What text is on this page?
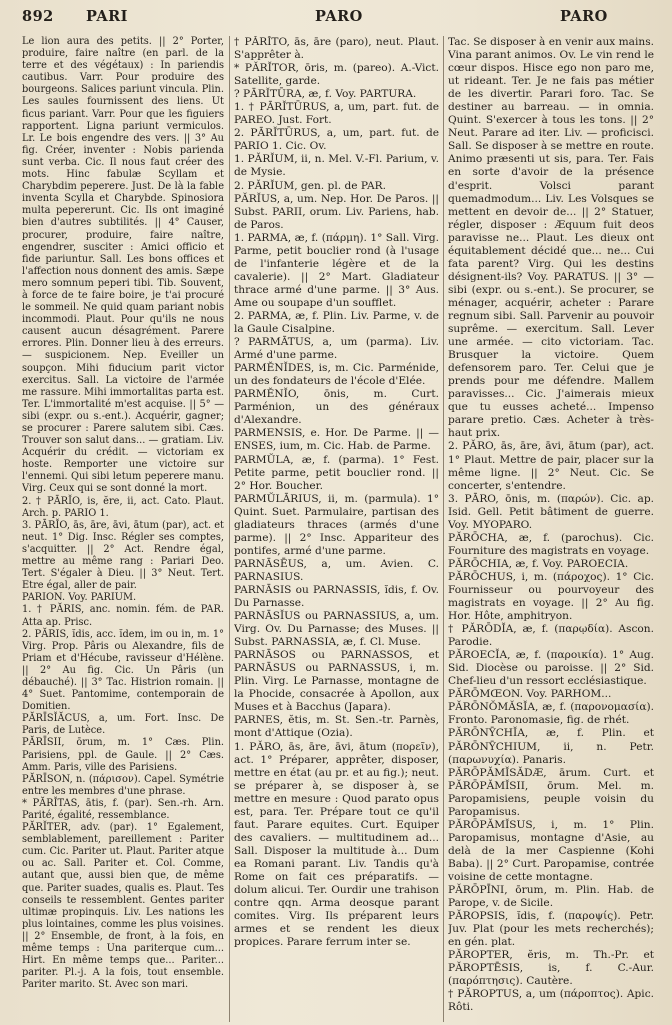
892 PARI	PARO	PARO

Le lion aura des petits. || 2° Porter, produire, faire naître (en parl. de la terre et des végétaux) : In pariendis cautibus. Varr. Pour produire des bourgeons. Salices pariunt vincula. Plin. Les saules fournissent des liens. Ut ficus pariant. Varr. Pour que les figuiers rapportent. Ligna pariunt vermiculos. Lr. Le bois engendre des vers. || 3° Au fig. Créer, inventer : Nobis parienda sunt verba. Cic. Il nous faut créer des mots. Hinc fabulæ Scyllam et Charybdim peperere. Just. De là la fable inventa Scylla et Charybde. Spinosiora multa pepererunt. Cic. Ils ont imaginé bien d'autres subtilités. || 4° Causer, procurer, produire, faire naître, engendrer, susciter : Amici officio et fide pariuntur. Sall. Les bons offices et l'affection nous donnent des amis. Sæpe mero somnum peperi tibi. Tib. Souvent, à force de te faire boire, je t'ai procuré le sommeil. Ne quid quam pariant nobis incommodi. Plaut. Pour qu'ils ne nous causent aucun désagrément. Parere errores. Plin. Donner lieu à des erreurs. — suspicionem. Nep. Eveiller un soupçon. Mihi fiducium parit victor exercitus. Sall. La victoire de l'armée me rassure. Mihi immortalitas parta est. Ter. L'immortalité m'est acquise. || 5° — sibi (expr. ou s.-ent.). Acquérir, gagner; se procurer : Parere salutem sibi. Cæs. Trouver son salut dans... — gratiam. Liv. Acquérir du crédit. — victoriam ex hoste. Remporter une victoire sur l'ennemi. Qui sibi letum peperere manu. Virg. Ceux qui se sont donné la mort.

2. † PĀRĬO, is, ĕre, ii, act. Cato. Plaut. Arch. p. PARIO 1.

3. PĀRĬO, ās, āre, āvi, ātum (par), act. et neut. 1° Dig. Insc. Régler ses comptes, s'acquitter. || 2° Act. Rendre égal, mettre au même rang : Pariari Deo. Tert. S'égaler à Dieu. || 3° Neut. Tert. Etre égal, aller de pair.

PARION. Voy. PARIUM.

1. † PĂRIS, anc. nomin. fém. de PAR. Atta ap. Prisc.

2. PĂRIS, ĭdis, acc. ĭdem, im ou in, m. 1° Virg. Prop. Pâris ou Alexandre, fils de Priam et d'Hécube, ravisseur d'Hélène. || 2° Au fig. Cic. Un Pâris (un débauché). || 3° Tac. Histrion romain. || 4° Suet. Pantomime, contemporain de Domitien.

PĂRĪSĬĂCUS, a, um. Fort. Insc. De Paris, de Lutèce.

PĂRĪSII, ōrum, m. 1° Cæs. Plin. Parisiens, ppl. de Gaule. || 2° Cæs. Amm. Paris, ville des Parisiens.

PĂRĪSON, n. (πάρισον). Capel. Symétrie entre les membres d'une phrase.

* PĂRĬTAS, ātis, f. (par). Sen.-rh. Arn. Parité, égalité, ressemblance.

PĂRĬTER, adv. (par). 1° Egalement, semblablement, pareillement : Pariter cum. Cic. Pariter ut. Plaut. Pariter atque ou ac. Sall. Pariter et. Col. Comme, autant que, aussi bien que, de même que. Pariter suades, qualis es. Plaut. Tes conseils te ressemblent. Gentes pariter ultimæ propinquis. Liv. Les nations les plus lointaines, comme les plus voisines. || 2° Ensemble, de front, à la fois, en même temps : Una pariterque cum... Hirt. En même temps que... Pariter... pariter. Pl.-j. A la fois, tout ensemble. Pariter marito. St. Avec son mari.

† PĂRĬTO, ās, āre (paro), neut. Plaut. S'apprêter à.

* PĂRĬTOR, ōris, m. (pareo). A.-Vict. Satellite, garde.

? PĀRĬTŪRA, æ, f. Voy. PARTURA.

1. † PĀRĬTŪRUS, a, um, part. fut. de PAREO. Just. Fort.

2. PĀRĬTŪRUS, a, um, part. fut. de PARIO 1. Cic. Ov.

1. PĂRĬUM, ii, n. Mel. V.-Fl. Parium, v. de Mysie.

2. PĂRĬUM, gen. pl. de PAR.

PĂRĬUS, a, um. Nep. Hor. De Paros. || Subst. PARII, orum. Liv. Pariens, hab. de Paros.

1. PARMA, æ, f. (πάρμη). 1° Sall. Virg. Parme, petit bouclier rond (à l'usage de l'infanterie légère et de la cavalerie). || 2° Mart. Gladiateur thrace armé d'une parme. || 3° Aus. Ame ou soupape d'un soufflet.

2. PARMA, æ, f. Plin. Liv. Parme, v. de la Gaule Cisalpine.

? PARMĀTUS, a, um (parma). Liv. Armé d'une parme.

PARMĔNĬDES, is, m. Cic. Parménide, un des fondateurs de l'école d'Elée.

PARMĔNĬO, ōnis, m. Curt. Parménion, un des généraux d'Alexandre.

PARMENSIS, e. Hor. De Parme. || — ENSES, ium, m. Cic. Hab. de Parme.

PARMŬLA, æ, f. (parma). 1° Fest. Petite parme, petit bouclier rond. || 2° Hor. Boucher.

PARMŬLĀRIUS, ii, m. (parmula). 1° Quint. Suet. Parmulaire, partisan des gladiateurs thraces (armés d'une parme). || 2° Insc. Appariteur des pontifes, armé d'une parme.

PARNĀSĒUS, a, um. Avien. C. PARNASIUS.

PARNĀSIS ou PARNASSIS, ĭdis, f. Ov. Du Parnasse.

PARNĀSĬUS ou PARNASSIUS, a, um. Virg. Ov. Du Parnasse; des Muses. || Subst. PARNASSIA, æ, f. Cl. Muse.

PARNĀSOS ou PARNASSOS, et PARNĀSUS ou PARNASSUS, i, m. Plin. Virg. Le Parnasse, montagne de la Phocide, consacrée à Apollon, aux Muses et à Bacchus (Japara).

PARNES, ĕtis, m. St. Sen.-tr. Parnès, mont d'Attique (Ozia).

1. PĂRO, ās, āre, āvi, ātum (πορεῖν), act. 1° Préparer, apprêter, disposer, mettre en état (au pr. et au fig.); neut. se préparer à, se disposer à, se mettre en mesure : Quod parato opus est, para. Ter. Prépare tout ce qu'il faut. Parare equites. Curt. Equiper des cavaliers. — multitudinem ad... Sall. Disposer la multitude à... Dum ea Romani parant. Liv. Tandis qu'à Rome on fait ces préparatifs. — dolum alicui. Ter. Ourdir une trahison contre qqn. Arma deosque parant comites. Virg. Ils préparent leurs armes et se rendent les dieux propices. Parare ferrum inter se.

Tac. Se disposer à en venir aux mains. Vina parant animos. Ov. Le vin rend le cœur dispos. Hisce ego non paro me, ut rideant. Ter. Je ne fais pas métier de les divertir. Parari foro. Tac. Se destiner au barreau. — in omnia. Quint. S'exercer à tous les tons. || 2° Neut. Parare ad iter. Liv. — proficisci. Sall. Se disposer à se mettre en route. Animo præsenti ut sis, para. Ter. Fais en sorte d'avoir de la présence d'esprit. Volsci parant quemadmodum... Liv. Les Volsques se mettent en devoir de... || 2° Statuer, régler, disposer : Æquum fuit deos paravisse ne... Plaut. Les dieux ont équitablement décidé que... ne... Cui fata parent? Virg. Qui les destins désignent-ils? Voy. PARATUS. || 3° — sibi (expr. ou s.-ent.). Se procurer, se ménager, acquérir, acheter : Parare regnum sibi. Sall. Parvenir au pouvoir suprême. — exercitum. Sall. Lever une armée. — cito victoriam. Tac. Brusquer la victoire. Quem defensorem paro. Ter. Celui que je prends pour me défendre. Mallem paravisses... Cic. J'aimerais mieux que tu eusses acheté... Impenso parare pretio. Cæs. Acheter à très-haut prix.

2. PĂRO, ās, āre, āvi, ātum (par), act. 1° Plaut. Mettre de pair, placer sur la même ligne. || 2° Neut. Cic. Se concerter, s'entendre.

3. PĀRO, ōnis, m. (παρών). Cic. ap. Isid. Gell. Petit bâtiment de guerre. Voy. MYOPARO.

PĂRŌCHA, æ, f. (parochus). Cic. Fourniture des magistrats en voyage.

PĂRŌCHIA, æ, f. Voy. PAROECIA.

PĂRŌCHUS, i, m. (πάροχος). 1° Cic. Fournisseur ou pourvoyeur des magistrats en voyage. || 2° Au fig. Hor. Hôte, amphitryon.

† PĂRŌDĬA, æ, f. (παρῳδία). Ascon. Parodie.

PĂROECĬA, æ, f. (παροικία). 1° Aug. Sid. Diocèse ou paroisse. || 2° Sid. Chef-lieu d'un ressort ecclésiastique.

PĂRŌMŒON. Voy. PARHOM...

PĂRŌNŎMĂSĬA, æ, f. (παρονομασία). Fronto. Paronomasie, fig. de rhét.

PĂRŌNȲCHĬA, æ, f. Plin. et PĂRŌNȲCHIUM, ii, n. Petr. (παρωνυχία). Panaris.

PĂRŌPĂMĬSĂDÆ, ārum. Curt. et PĂRŌPĂMĬSII, ōrum. Mel. m. Paropamisiens, peuple voisin du Paropamisus.

PĂRŌPĂMĬSUS, i, m. 1° Plin. Paropamisus, montagne d'Asie, au delà de la mer Caspienne (Kohi Baba). || 2° Curt. Paropamise, contrée voisine de cette montagne.

PĂRŌPĪNI, ōrum, m. Plin. Hab. de Parope, v. de Sicile.

PĂROPSIS, ĭdis, f. (παροψίς). Petr. Juv. Plat (pour les mets recherchés); en gén. plat.

PĂROPTER, ĕris, m. Th.-Pr. et PĂROPTĒSIS, is, f. C.-Aur. (παρόπτησις). Cautère.

† PĂROPTUS, a, um (πάροπτος). Apic. Rôti.
